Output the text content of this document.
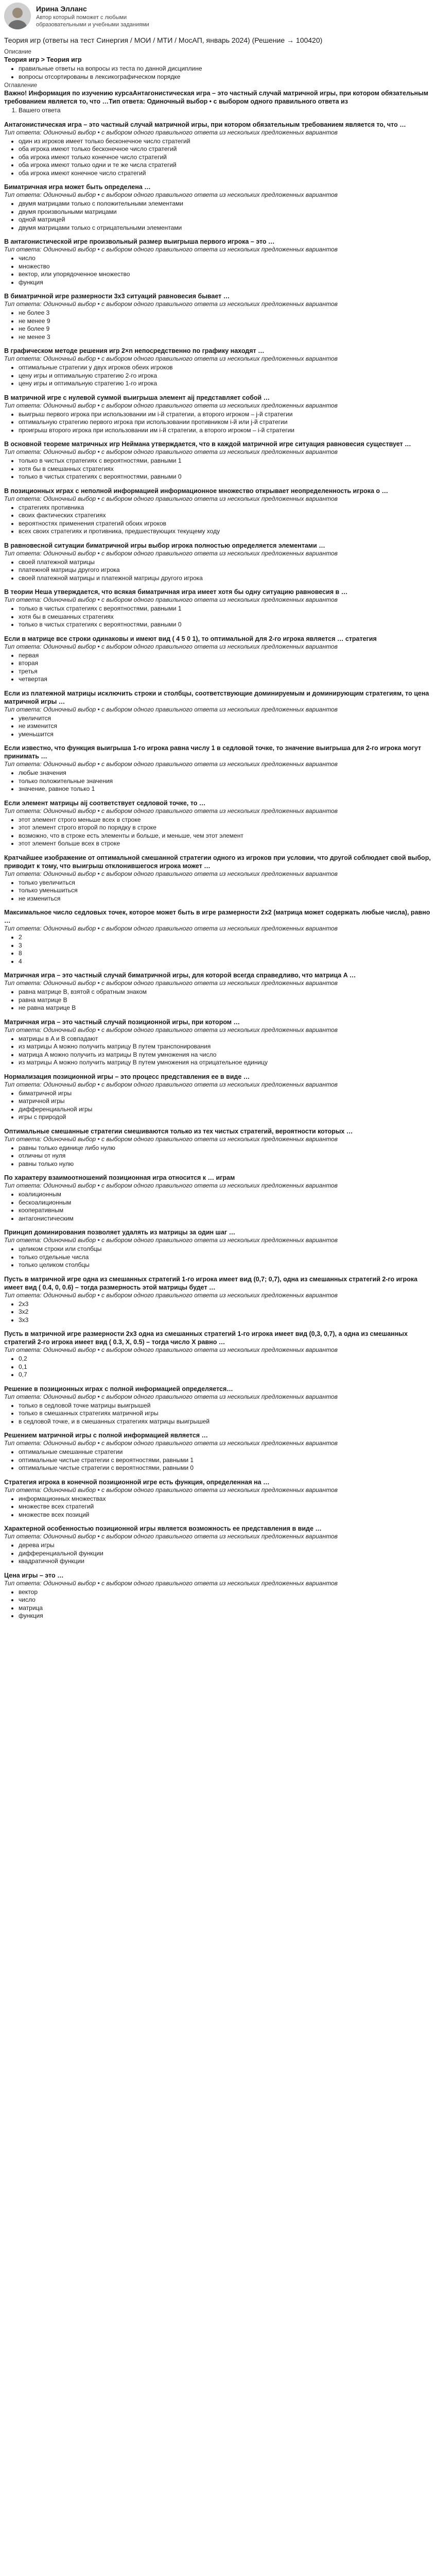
Ирина Элланс
Автор который поможет с любыми образовательными и учебными заданиями
Теория игр (ответы на тест Синергия / МОИ / МТИ / МосАП, январь 2024) (Решение → 100420)
Описание
Теория игр > Теория игр
• правильные ответы на вопросы из теста по данной дисциплине
• вопросы отсортированы в лексикографическом порядке
Оглавление
Важно! Информация по изучению курсаАнтагонистическая игра – это частный случай матричной игры, при котором обязательным требованием является то, что …Тип ответа: Одиночный выбор • с выбором одного правильного ответа из
1. Вашего ответа
Антагонистическая игра – это частный случай матричной игры, при котором обязательным требованием является то, что …
Тип ответа: Одиночный выбор • с выбором одного правильного ответа из нескольких предложенных вариантов
• один из игроков имеет только бесконечное число стратегий
• оба игрока имеют только бесконечное число стратегий
• оба игрока имеют только конечное число стратегий
• оба игрока имеют только одни и те же числа стратегий
• оба игрока имеют конечное число стратегий
Биматричная игра может быть определена …
Тип ответа: Одиночный выбор • с выбором одного правильного ответа из нескольких предложенных вариантов
• двумя матрицами только с положительными элементами
• двумя произвольными матрицами
• одной матрицей
• двумя матрицами только с отрицательными элементами
В антагонистической игре произвольный размер выигрыша первого игрока – это …
Тип ответа: Одиночный выбор • с выбором одного правильного ответа из нескольких предложенных вариантов
• число
• множество
• вектор, или упорядоченное множество
• функция
В биматричной игре размерности 3x3 ситуаций равновесия бывает …
Тип ответа: Одиночный выбор • с выбором одного правильного ответа из нескольких предложенных вариантов
• не более 3
• не менее 9
• не более 9
• не менее 3
В графическом методе решения игр 2×n непосредственно по графику находят …
Тип ответа: Одиночный выбор • с выбором одного правильного ответа из нескольких предложенных вариантов
• оптимальные стратегии у двух игроков обеих игроков
• цену игры и оптимальную стратегию 2-го игрока
• цену игры и оптимальную стратегию 1-го игрока
В матричной игре с нулевой суммой выигрыша элемент aij представляет собой …
Тип ответа: Одиночный выбор • с выбором одного правильного ответа из нескольких предложенных вариантов
• выигрыш первого игрока при использовании им i-й стратегии, а второго игроком – j-й стратегии
• оптимальную стратегию первого игрока при использовании противником i-й или j-й стратегии
• проигрыш второго игрока при использовании им i-й стратегии, а второго игроком – i-й стратегии
В основной теореме матричных игр Неймана утверждается, что в каждой матричной игре ситуация равновесия существует …
Тип ответа: Одиночный выбор • с выбором одного правильного ответа из нескольких предложенных вариантов
• только в чистых стратегиях с вероятностями, равными 1
• хотя бы в смешанных стратегиях
• только в чистых стратегиях с вероятностями, равными 0
В позиционных играх с неполной информацией информационное множество открывает неопределенность игрока о …
Тип ответа: Одиночный выбор • с выбором одного правильного ответа из нескольких предложенных вариантов
• стратегиях противника
• своих фактических стратегиях
• вероятностях применения стратегий обоих игроков
• всех своих стратегиях и противника, предшествующих текущему ходу
В равновесной ситуации биматричной игры выбор игрока полностью определяется элементами …
Тип ответа: Одиночный выбор • с выбором одного правильного ответа из нескольких предложенных вариантов
• своей платежной матрицы
• платежной матрицы другого игрока
• своей платежной матрицы и платежной матрицы другого игрока
В теории Неша утверждается, что всякая биматричная игра имеет хотя бы одну ситуацию равновесия в …
Тип ответа: Одиночный выбор • с выбором одного правильного ответа из нескольких предложенных вариантов
• только в чистых стратегиях с вероятностями, равными 1
• хотя бы в смешанных стратегиях
• только в чистых стратегиях с вероятностями, равными 0
Если в матрице все строки одинаковы и имеют вид ( 4 5 0 1), то оптимальной для 2-го игрока является … стратегия
Тип ответа: Одиночный выбор • с выбором одного правильного ответа из нескольких предложенных вариантов
• первая
• вторая
• третья
• четвертая
Если из платежной матрицы исключить строки и столбцы, соответствующие доминируемым и доминирующим стратегиям, то цена матричной игры …
Тип ответа: Одиночный выбор • с выбором одного правильного ответа из нескольких предложенных вариантов
• увеличится
• не изменится
• уменьшится
Если известно, что функция выигрыша 1-го игрока равна числу 1 в седловой точке, то значение выигрыша для 2-го игрока могут принимать …
Тип ответа: Одиночный выбор • с выбором одного правильного ответа из нескольких предложенных вариантов
• любые значения
• только положительные значения
• значение, равное только 1
Если элемент матрицы aij соответствует седловой точке, то …
Тип ответа: Одиночный выбор • с выбором одного правильного ответа из нескольких предложенных вариантов
• этот элемент строго меньше всех в строке
• этот элемент строго второй по порядку в строке
• возможно, что в строке есть элементы и больше, и меньше, чем этот элемент
• этот элемент больше всех в строке
Кратчайшее изображение от оптимальной смешанной стратегии одного из игроков при условии, что другой соблюдает свой выбор, приводит к тому, что выигрыш отклонившегося игрока может …
Тип ответа: Одиночный выбор • с выбором одного правильного ответа из нескольких предложенных вариантов
• только увеличиться
• только уменьшиться
• не измениться
Максимальное число седловых точек, которое может быть в игре размерности 2x2 (матрица может содержать любые числа), равно …
Тип ответа: Одиночный выбор • с выбором одного правильного ответа из нескольких предложенных вариантов
• 2
• 3
• 8
• 4
Матричная игра – это частный случай биматричной игры, для которой всегда справедливо, что матрица A …
Тип ответа: Одиночный выбор • с выбором одного правильного ответа из нескольких предложенных вариантов
• равна матрице B, взятой с обратным знаком
• равна матрице B
• не равна матрице B
Матричная игра – это частный случай позиционной игры, при котором …
Тип ответа: Одиночный выбор • с выбором одного правильного ответа из нескольких предложенных вариантов
• матрицы в A и B совпадают
• из матрицы A можно получить матрицу B путем транспонирования
• матрица A можно получить из матрицы B путем умножения на число
• из матрицы A можно получить матрицу B путем умножения на отрицательное единицу
Нормализация позиционной игры – это процесс представления ее в виде …
Тип ответа: Одиночный выбор • с выбором одного правильного ответа из нескольких предложенных вариантов
• биматричной игры
• матричной игры
• дифференциальной игры
• игры с природой
Оптимальные смешанные стратегии смешиваются только из тех чистых стратегий, вероятности которых …
Тип ответа: Одиночный выбор • с выбором одного правильного ответа из нескольких предложенных вариантов
• равны только единице либо нулю
• отличны от нуля
• равны только нулю
По характеру взаимоотношений позиционная игра относится к … играм
Тип ответа: Одиночный выбор • с выбором одного правильного ответа из нескольких предложенных вариантов
• коалиционным
• бескоалиционным
• кооперативным
• антагонистическим
Принцип доминирования позволяет удалять из матрицы за один шаг …
Тип ответа: Одиночный выбор • с выбором одного правильного ответа из нескольких предложенных вариантов
• целиком строки или столбцы
• только отдельные числа
• только целиком столбцы
Пусть в матричной игре одна из смешанных стратегий 1-го игрока имеет вид (0,7; 0,7), одна из смешанных стратегий 2-го игрока имеет вид ( 0.4, 0, 0.6) – тогда размерность этой матрицы будет …
Тип ответа: Одиночный выбор • с выбором одного правильного ответа из нескольких предложенных вариантов
• 2x3
• 3x2
• 3x3
Пусть в матричной игре размерности 2x3 одна из смешанных стратегий 1-го игрока имеет вид (0,3, 0,7), а одна из смешанных стратегий 2-го игрока имеет вид ( 0.3, X, 0.5) – тогда число X равно …
Тип ответа: Одиночный выбор • с выбором одного правильного ответа из нескольких предложенных вариантов
• 0,2
• 0,1
• 0,7
Решение в позиционных играх с полной информацией определяется…
Тип ответа: Одиночный выбор • с выбором одного правильного ответа из нескольких предложенных вариантов
• только в седловой точке матрицы выигрышей
• только в смешанных стратегиях матричной игры
• в седловой точке, и в смешанных стратегиях матрицы выигрышей
Решением матричной игры с полной информацией является …
Тип ответа: Одиночный выбор • с выбором одного правильного ответа из нескольких предложенных вариантов
• оптимальные смешанные стратегии
• оптимальные чистые стратегии с вероятностями, равными 1
• оптимальные чистые стратегии с вероятностями, равными 0
Стратегия игрока в конечной позиционной игре есть функция, определенная на …
Тип ответа: Одиночный выбор • с выбором одного правильного ответа из нескольких предложенных вариантов
• информационных множествах
• множестве всех стратегий
• множестве всех позиций
Характерной особенностью позиционной игры является возможность ее представления в виде …
Тип ответа: Одиночный выбор • с выбором одного правильного ответа из нескольких предложенных вариантов
• дерева игры
• дифференциальной функции
• квадратичной функции
Цена игры – это …
Тип ответа: Одиночный выбор • с выбором одного правильного ответа из нескольких предложенных вариантов
• вектор
• число
• матрица
• функция
